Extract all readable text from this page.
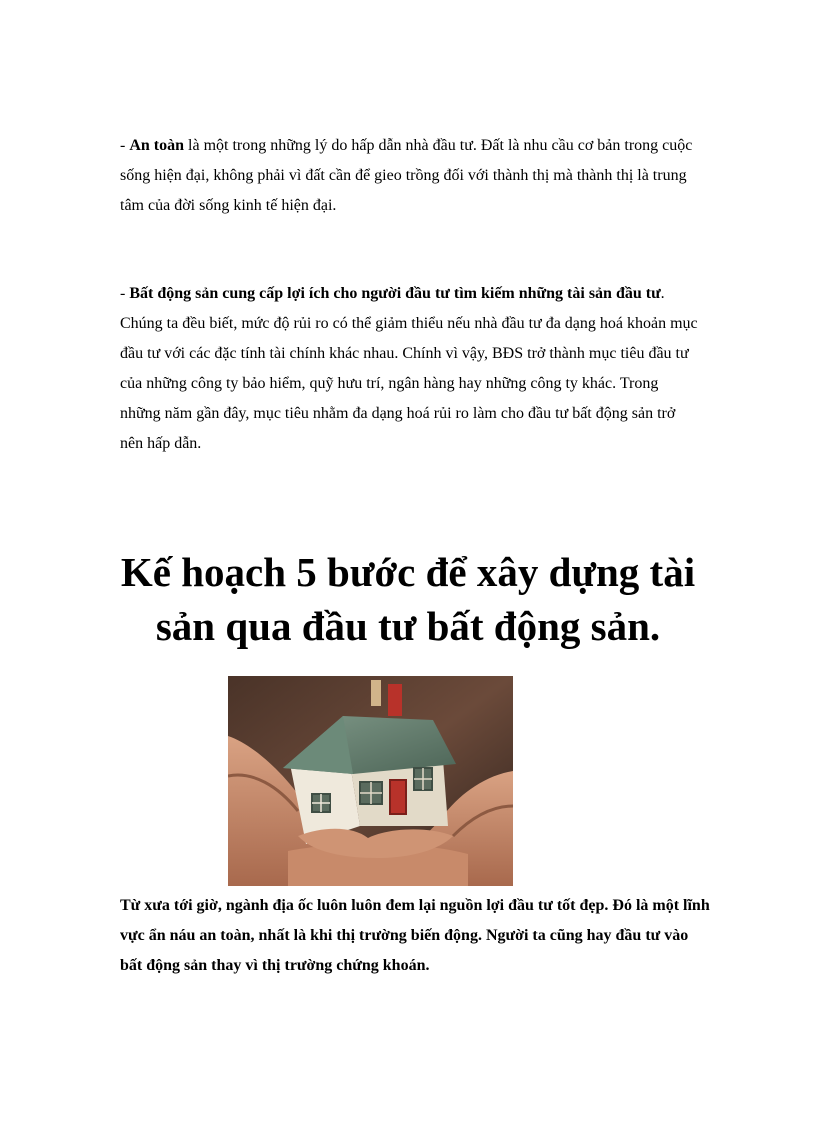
- An toàn là một trong những lý do hấp dẫn nhà đầu tư. Đất là nhu cầu cơ bản trong cuộc sống hiện đại, không phải vì đất cần để gieo trồng đối với thành thị mà thành thị là trung tâm của đời sống kinh tế hiện đại.

- Bất động sản cung cấp lợi ích cho người đầu tư tìm kiếm những tài sản đầu tư. Chúng ta đều biết, mức độ rủi ro có thể giảm thiểu nếu nhà đầu tư đa dạng hoá khoản mục đầu tư với các đặc tính tài chính khác nhau. Chính vì vậy, BĐS trở thành mục tiêu đầu tư của những công ty bảo hiểm, quỹ hưu trí, ngân hàng hay những công ty khác. Trong những năm gần đây, mục tiêu nhằm đa dạng hoá rủi ro làm cho đầu tư bất động sản trở nên hấp dẫn.

Kế hoạch 5 bước để xây dựng tài
sản qua đầu tư bất động sản.

Từ xưa tới giờ, ngành địa ốc luôn luôn đem lại nguồn lợi đầu tư tốt đẹp. Đó là một lĩnh vực ẩn náu an toàn, nhất là khi thị trường biến động. Người ta cũng hay đầu tư vào bất động sản thay vì thị trường chứng khoán.
